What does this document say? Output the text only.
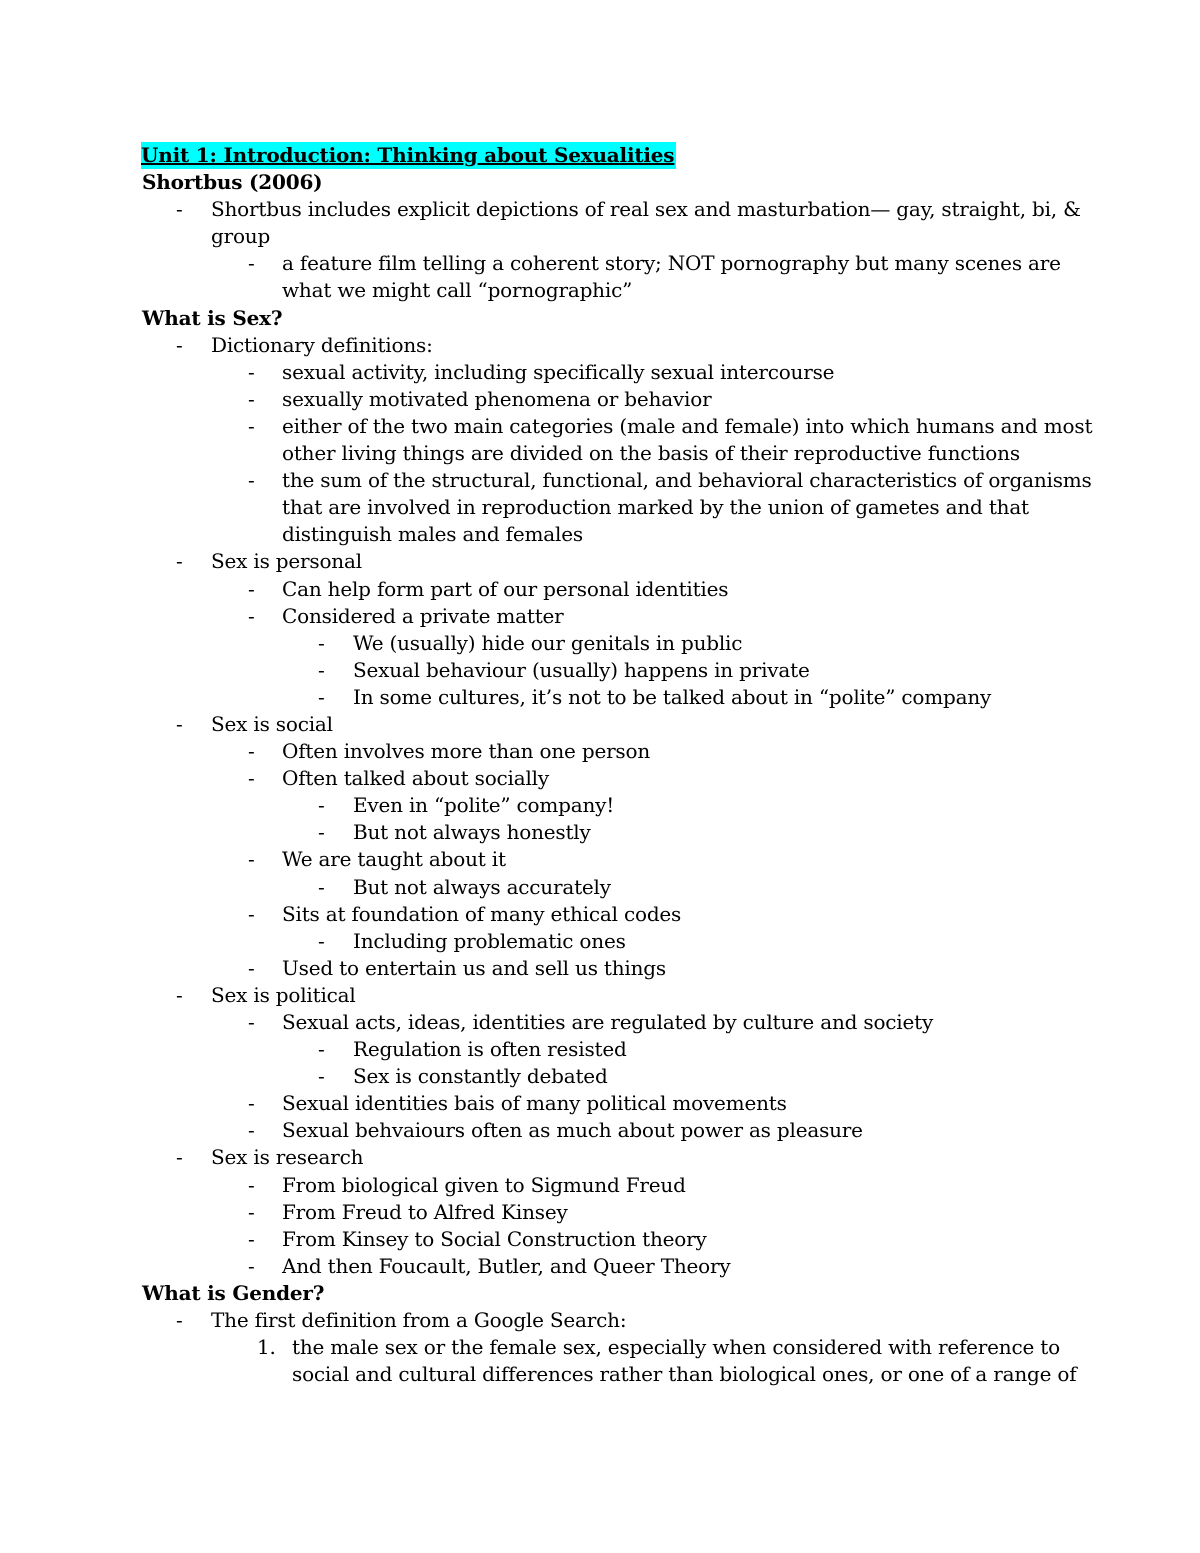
Unit 1: Introduction: Thinking about Sexualities
Shortbus (2006)
- Shortbus includes explicit depictions of real sex and masturbation— gay, straight, bi, &
group
- a feature film telling a coherent story; NOT pornography but many scenes are
what we might call “pornographic”
What is Sex?
- Dictionary definitions:
- sexual activity, including specifically sexual intercourse
- sexually motivated phenomena or behavior
- either of the two main categories (male and female) into which humans and most
other living things are divided on the basis of their reproductive functions
- the sum of the structural, functional, and behavioral characteristics of organisms
that are involved in reproduction marked by the union of gametes and that
distinguish males and females
- Sex is personal
- Can help form part of our personal identities
- Considered a private matter
- We (usually) hide our genitals in public
- Sexual behaviour (usually) happens in private
- In some cultures, it’s not to be talked about in “polite” company
- Sex is social
- Often involves more than one person
- Often talked about socially
- Even in “polite” company!
- But not always honestly
- We are taught about it
- But not always accurately
- Sits at foundation of many ethical codes
- Including problematic ones
- Used to entertain us and sell us things
- Sex is political
- Sexual acts, ideas, identities are regulated by culture and society
- Regulation is often resisted
- Sex is constantly debated
- Sexual identities bais of many political movements
- Sexual behvaiours often as much about power as pleasure
- Sex is research
- From biological given to Sigmund Freud
- From Freud to Alfred Kinsey
- From Kinsey to Social Construction theory
- And then Foucault, Butler, and Queer Theory
What is Gender?
- The first definition from a Google Search:
1. the male sex or the female sex, especially when considered with reference to
social and cultural differences rather than biological ones, or one of a range of
